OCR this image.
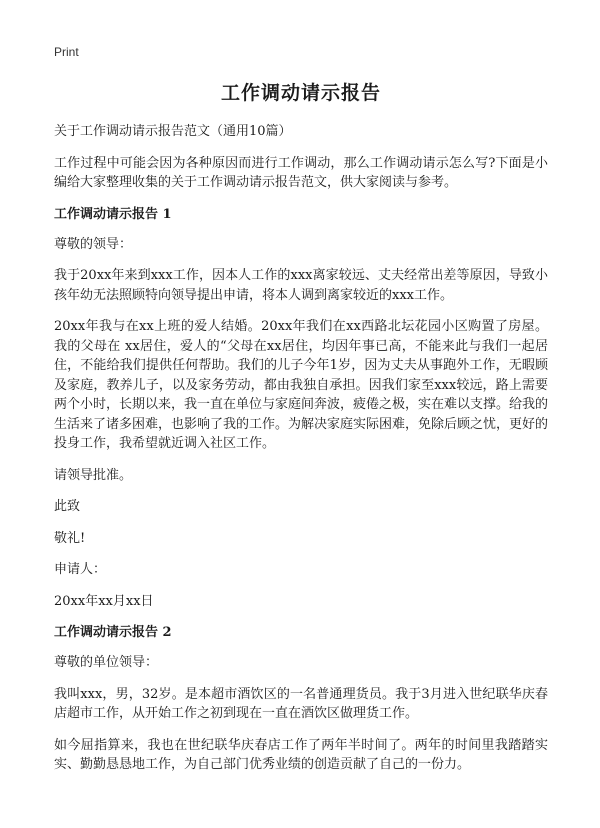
Print
工作调动请示报告

关于工作调动请示报告范文（通用10篇）

工作过程中可能会因为各种原因而进行工作调动，那么工作调动请示怎么写?下面是小编给大家整理收集的关于工作调动请示报告范文，供大家阅读与参考。

工作调动请示报告 1

尊敬的领导：

我于20xx年来到xxx工作，因本人工作的xxx离家较远、丈夫经常出差等原因，导致小孩年幼无法照顾特向领导提出申请，将本人调到离家较近的xxx工作。

20xx年我与在xx上班的爱人结婚。20xx年我们在xx西路北坛花园小区购置了房屋。我的父母在 xx居住，爱人的“父母在xx居住，均因年事已高，不能来此与我们一起居住，不能给我们提供任何帮助。我们的儿子今年1岁，因为丈夫从事跑外工作，无暇顾及家庭，教养儿子，以及家务劳动，都由我独自承担。因我们家至xxx较远，路上需要两个小时，长期以来，我一直在单位与家庭间奔波，疲倦之极，实在难以支撑。给我的生活来了诸多困难，也影响了我的工作。为解决家庭实际困难，免除后顾之忧，更好的投身工作，我希望就近调入社区工作。

请领导批准。

此致

敬礼!

申请人：

20xx年xx月xx日

工作调动请示报告 2

尊敬的单位领导：

我叫xxx，男，32岁。是本超市酒饮区的一名普通理货员。我于3月进入世纪联华庆春店超市工作，从开始工作之初到现在一直在酒饮区做理货工作。

如今屈指算来，我也在世纪联华庆春店工作了两年半时间了。两年的时间里我踏踏实实、勤勤恳恳地工作，为自己部门优秀业绩的创造贡献了自己的一份力。
